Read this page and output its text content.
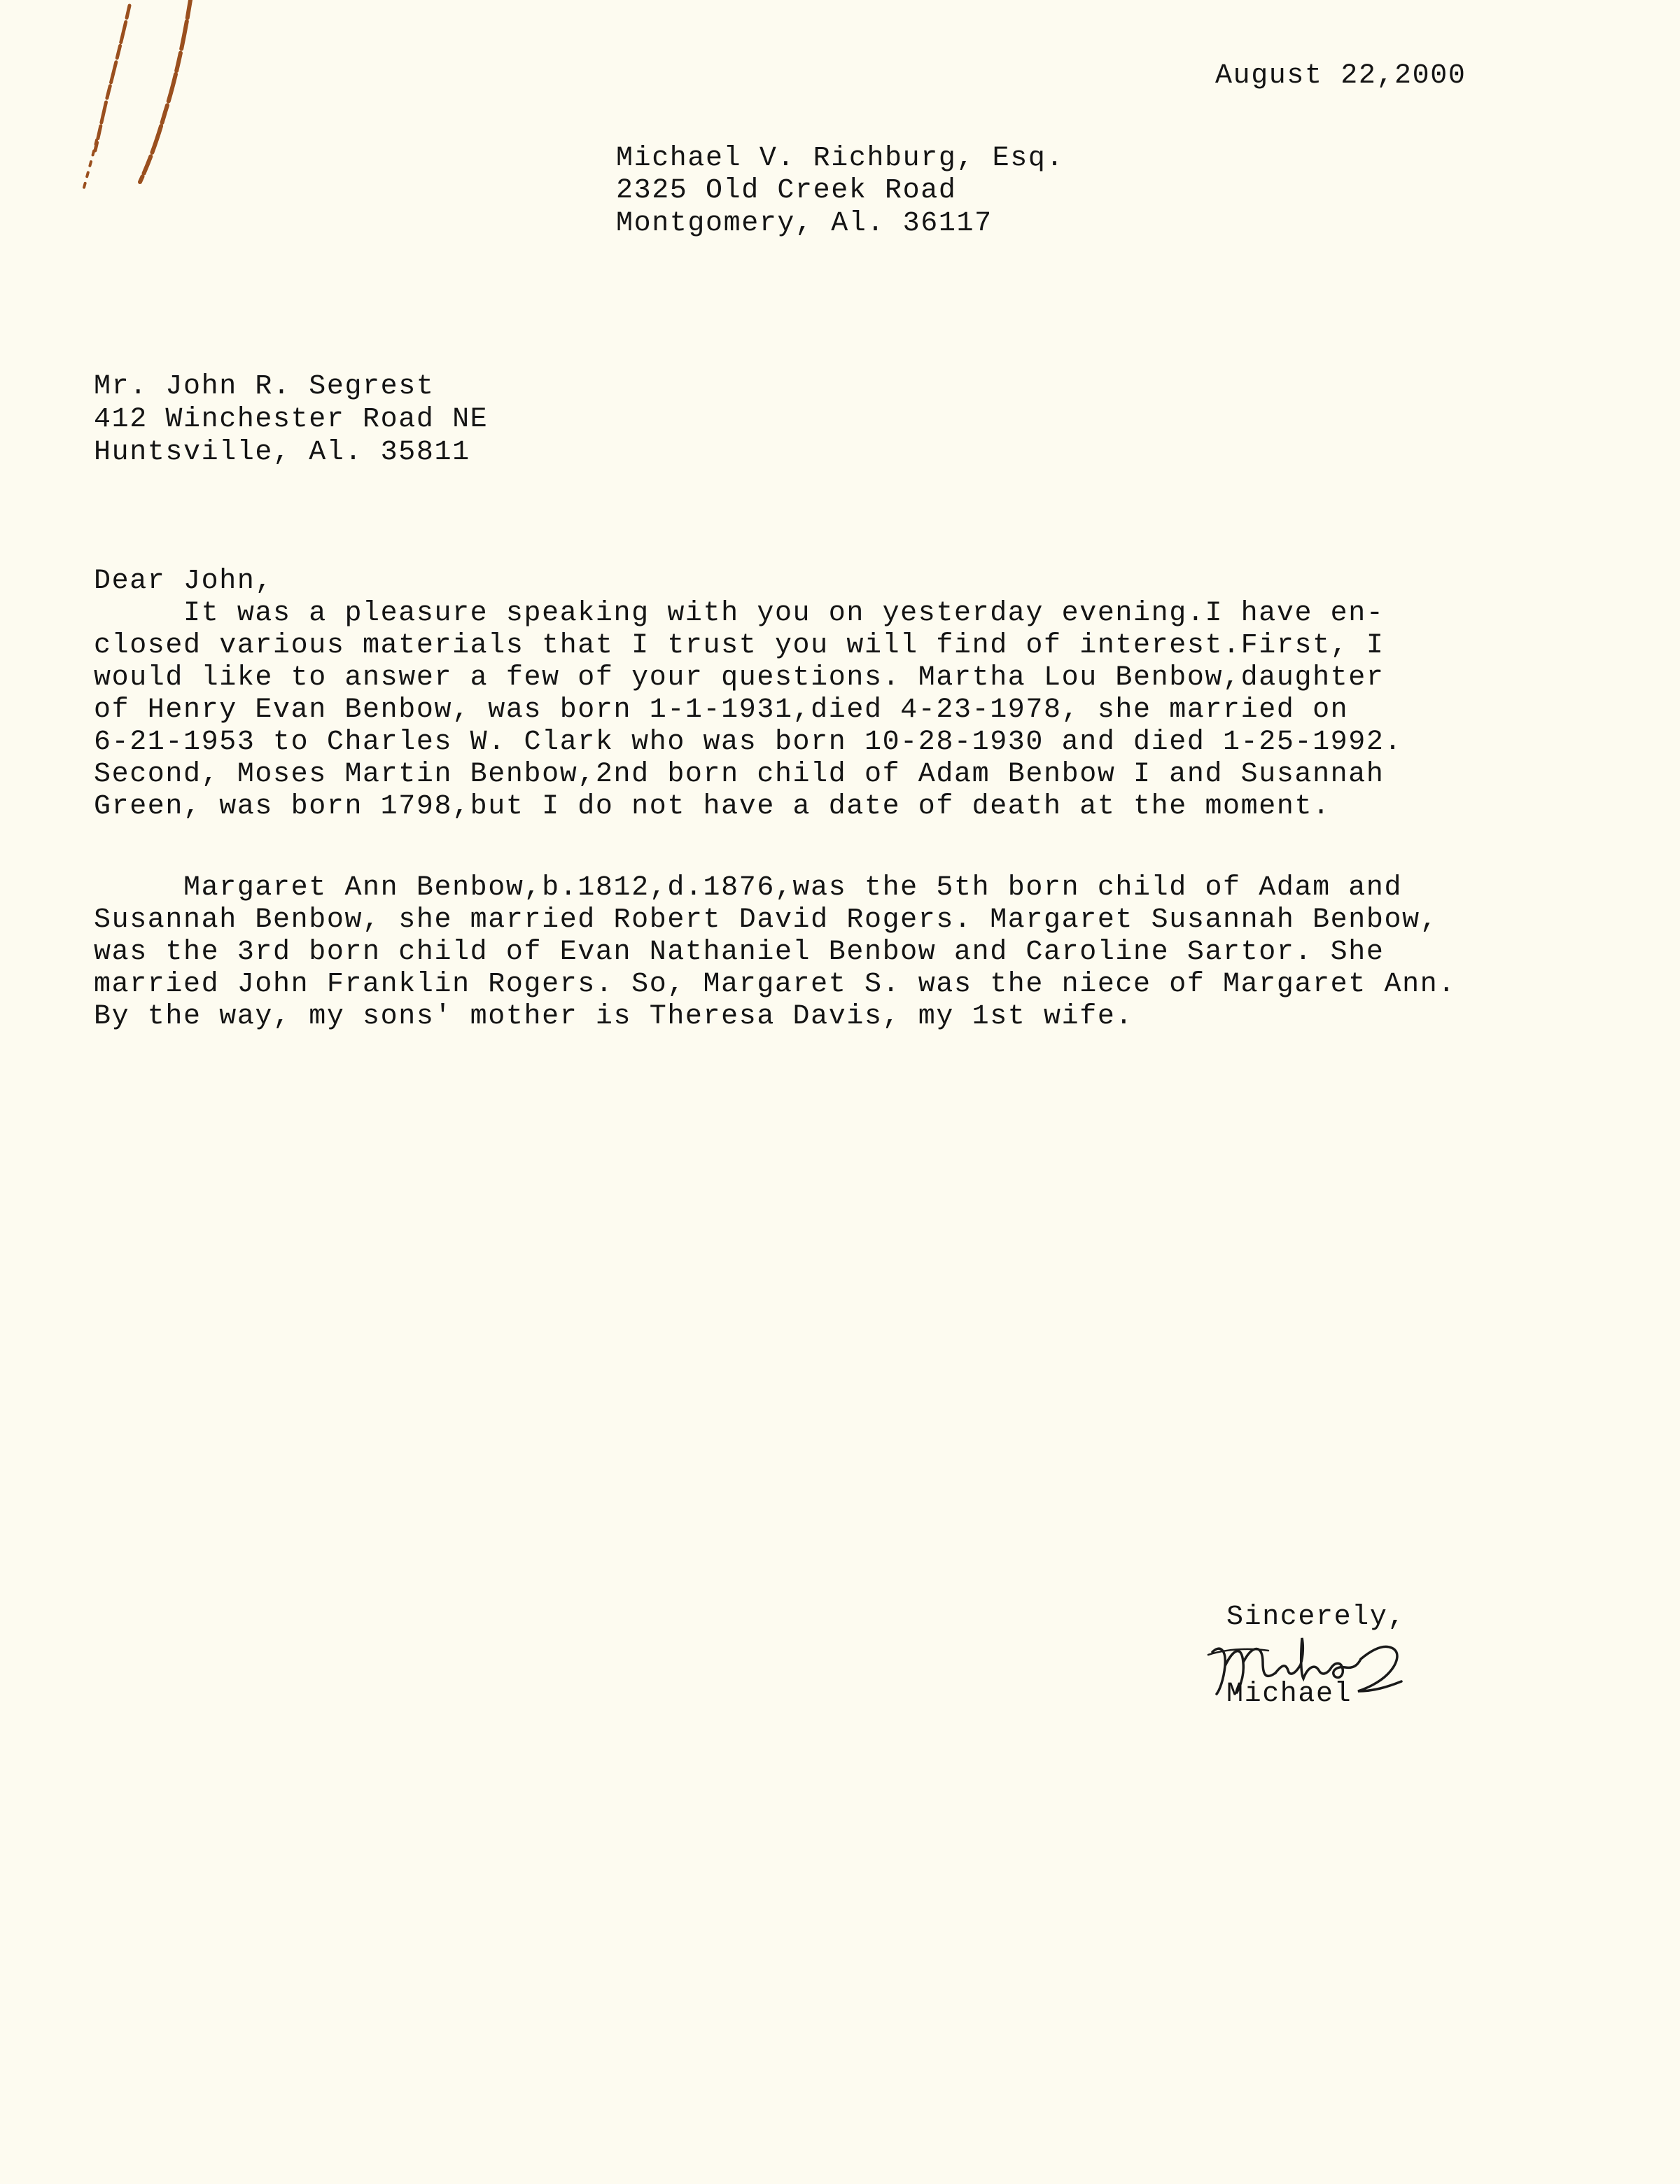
August 22,2000
Michael V. Richburg, Esq.
2325 Old Creek Road
Montgomery, Al. 36117
Mr. John R. Segrest
412 Winchester Road NE
Huntsville, Al. 35811
Dear John,
It was a pleasure speaking with you on yesterday evening.I have en-
closed various materials that I trust you will find of interest.First, I
would like to answer a few of your questions. Martha Lou Benbow,daughter
of Henry Evan Benbow, was born 1-1-1931,died 4-23-1978, she married on
6-21-1953 to Charles W. Clark who was born 10-28-1930 and died 1-25-1992.
Second, Moses Martin Benbow,2nd born child of Adam Benbow I and Susannah
Green, was born 1798,but I do not have a date of death at the moment.
Margaret Ann Benbow,b.1812,d.1876,was the 5th born child of Adam and
Susannah Benbow, she married Robert David Rogers. Margaret Susannah Benbow,
was the 3rd born child of Evan Nathaniel Benbow and Caroline Sartor. She
married John Franklin Rogers. So, Margaret S. was the niece of Margaret Ann.
By the way, my sons' mother is Theresa Davis, my 1st wife.
Sincerely,
Michael
